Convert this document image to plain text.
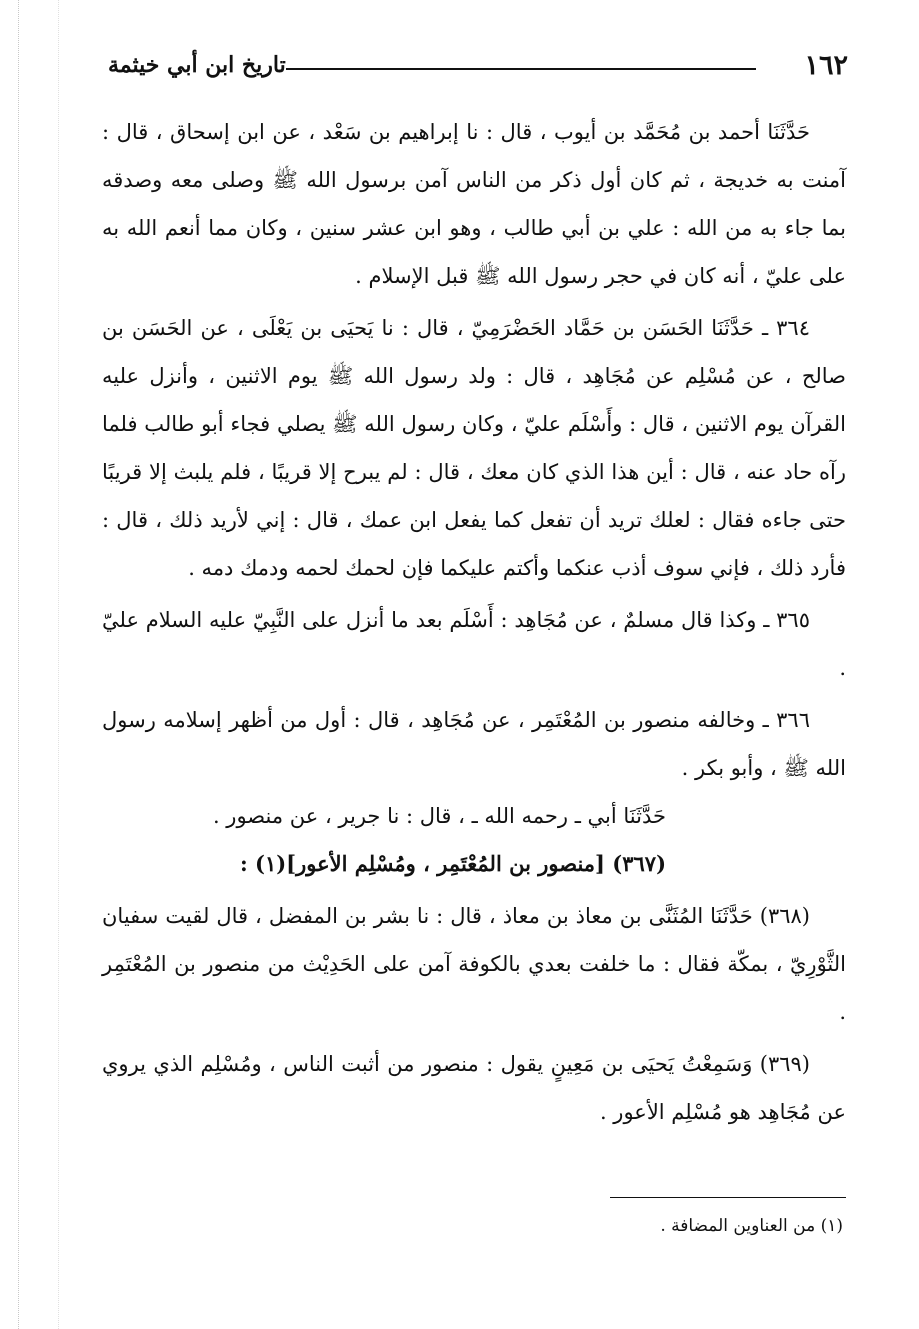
١٦٢
تاريخ ابن أبي خيثمة

حَدَّثَنَا أحمد بن مُحَمَّد بن أيوب ، قال : نا إبراهيم بن سَعْد ، عن ابن إسحاق ، قال : آمنت به خديجة ، ثم كان أول ذكر من الناس آمن برسول الله ﷺ وصلى معه وصدقه بما جاء به من الله : علي بن أبي طالب ، وهو ابن عشر سنين ، وكان مما أنعم الله به على عليّ ، أنه كان في حجر رسول الله ﷺ قبل الإسلام .

٣٦٤ ـ حَدَّثَنَا الحَسَن بن حَمَّاد الحَضْرَمِيّ ، قال : نا يَحيَى بن يَعْلَى ، عن الحَسَن بن صالح ، عن مُسْلِم عن مُجَاهِد ، قال : ولد رسول الله ﷺ يوم الاثنين ، وأنزل عليه القرآن يوم الاثنين ، قال : وأَسْلَم عليّ ، وكان رسول الله ﷺ يصلي فجاء أبو طالب فلما رآه حاد عنه ، قال : أين هذا الذي كان معك ، قال : لم يبرح إلا قريبًا ، فلم يلبث إلا قريبًا حتى جاءه فقال : لعلك تريد أن تفعل كما يفعل ابن عمك ، قال : إني لأريد ذلك ، قال : فأرد ذلك ، فإني سوف أذب عنكما وأكتم عليكما فإن لحمك لحمه ودمك دمه .

٣٦٥ ـ وكذا قال مسلمٌ ، عن مُجَاهِد : أَسْلَم بعد ما أنزل على النَّبِيّ عليه السلام عليّ .

٣٦٦ ـ وخالفه منصور بن المُعْتَمِر ، عن مُجَاهِد ، قال : أول من أظهر إسلامه رسول الله ﷺ ، وأبو بكر .

حَدَّثَنَا أبي ـ رحمه الله ـ ، قال : نا جرير ، عن منصور .

(٣٦٧) [منصور بن المُعْتَمِر ، ومُسْلِم الأعور](١) :

(٣٦٨) حَدَّثَنَا المُثَنَّى بن معاذ بن معاذ ، قال : نا بشر بن المفضل ، قال لقيت سفيان الثَّوْرِيّ ، بمكّة فقال : ما خلفت بعدي بالكوفة آمن على الحَدِيْث من منصور بن المُعْتَمِر .

(٣٦٩) وَسَمِعْتُ يَحيَى بن مَعِينٍ يقول : منصور من أثبت الناس ، ومُسْلِم الذي يروي عن مُجَاهِد هو مُسْلِم الأعور .

(١) من العناوين المضافة .
